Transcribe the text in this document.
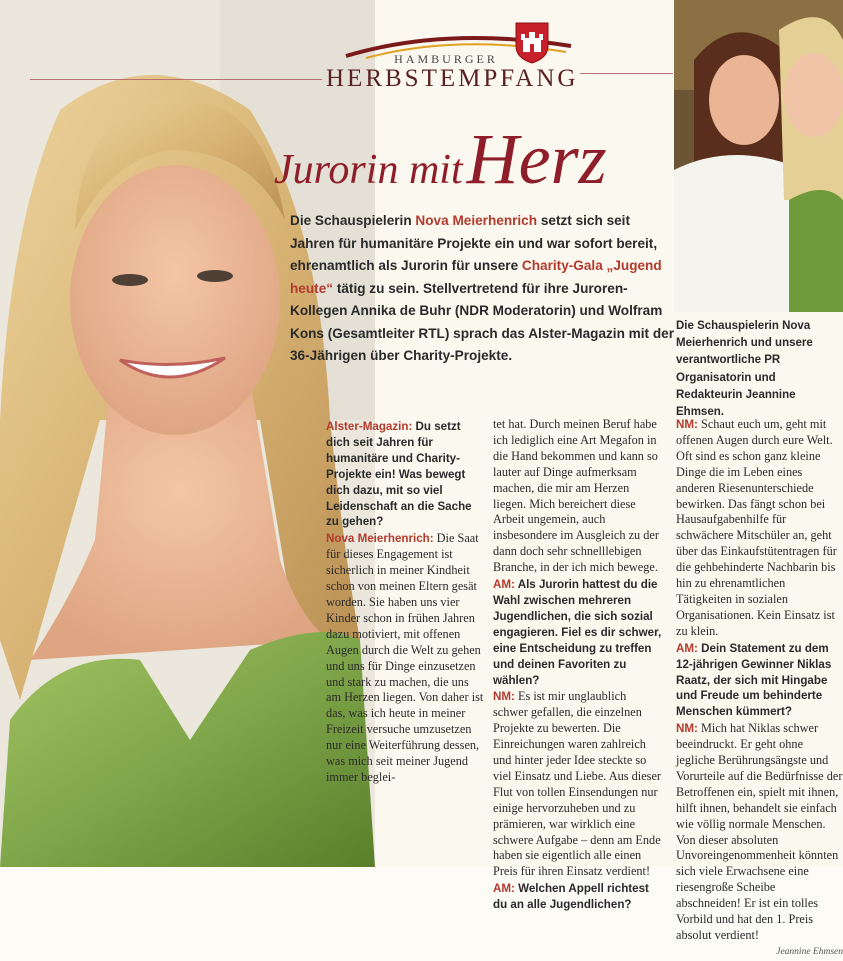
HAMBURGER
HERBSTEMPFANG
Jurorin mit Herz
Die Schauspielerin Nova Meierhenrich setzt sich seit Jahren für humanitäre Projekte ein und war sofort bereit, ehrenamtlich als Jurorin für unsere Charity-Gala „Jugend heute“ tätig zu sein. Stellvertretend für ihre Juroren-Kollegen Annika de Buhr (NDR Moderatorin) und Wolfram Kons (Gesamtleiter RTL) sprach das Alster-Magazin mit der 36-Jährigen über Charity-Projekte.
Die Schauspielerin Nova Meierhenrich und unsere verantwortliche PR Organisatorin und Redakteurin Jeannine Ehmsen.
Alster-Magazin: Du setzt dich seit Jahren für humanitäre und Charity-Projekte ein! Was bewegt dich dazu, mit so viel Leidenschaft an die Sache zu gehen?
Nova Meierhenrich: Die Saat für dieses Engagement ist sicherlich in meiner Kindheit schon von meinen Eltern gesät worden. Sie haben uns vier Kinder schon in frühen Jahren dazu motiviert, mit offenen Augen durch die Welt zu gehen und uns für Dinge einzusetzen und stark zu machen, die uns am Herzen liegen. Von daher ist das, was ich heute in meiner Freizeit versuche umzusetzen nur eine Weiterführung dessen, was mich seit meiner Jugend immer beglei-
tet hat. Durch meinen Beruf habe ich lediglich eine Art Megafon in die Hand bekommen und kann so lauter auf Dinge aufmerksam machen, die mir am Herzen liegen. Mich bereichert diese Arbeit ungemein, auch insbesondere im Ausgleich zu der dann doch sehr schnelllebigen Branche, in der ich mich bewege.
AM: Als Jurorin hattest du die Wahl zwischen mehreren Jugendlichen, die sich sozial engagieren. Fiel es dir schwer, eine Entscheidung zu treffen und deinen Favoriten zu wählen?
NM: Es ist mir unglaublich schwer gefallen, die einzelnen Projekte zu bewerten. Die Einreichungen waren zahlreich und hinter jeder Idee steckte so viel Einsatz und Liebe. Aus dieser Flut von tollen Einsendungen nur einige hervorzuheben und zu prämieren, war wirklich eine schwere Aufgabe – denn am Ende haben sie eigentlich alle einen Preis für ihren Einsatz verdient!
AM: Welchen Appell richtest du an alle Jugendlichen?
NM: Schaut euch um, geht mit offenen Augen durch eure Welt. Oft sind es schon ganz kleine Dinge die im Leben eines anderen Riesenunterschiede bewirken. Das fängt schon bei Hausaufgabenhilfe für schwächere Mitschüler an, geht über das Einkaufstütentragen für die gehbehinderte Nachbarin bis hin zu ehrenamtlichen Tätigkeiten in sozialen Organisationen. Kein Einsatz ist zu klein.
AM: Dein Statement zu dem 12-jährigen Gewinner Niklas Raatz, der sich mit Hingabe und Freude um behinderte Menschen kümmert?
NM: Mich hat Niklas schwer beeindruckt. Er geht ohne jegliche Berührungsängste und Vorurteile auf die Bedürfnisse der Betroffenen ein, spielt mit ihnen, hilft ihnen, behandelt sie einfach wie völlig normale Menschen. Von dieser absoluten Unvoreingenommenheit könnten sich viele Erwachsene eine riesengroße Scheibe abschneiden! Er ist ein tolles Vorbild und hat den 1. Preis absolut verdient!
Jeannine Ehmsen
